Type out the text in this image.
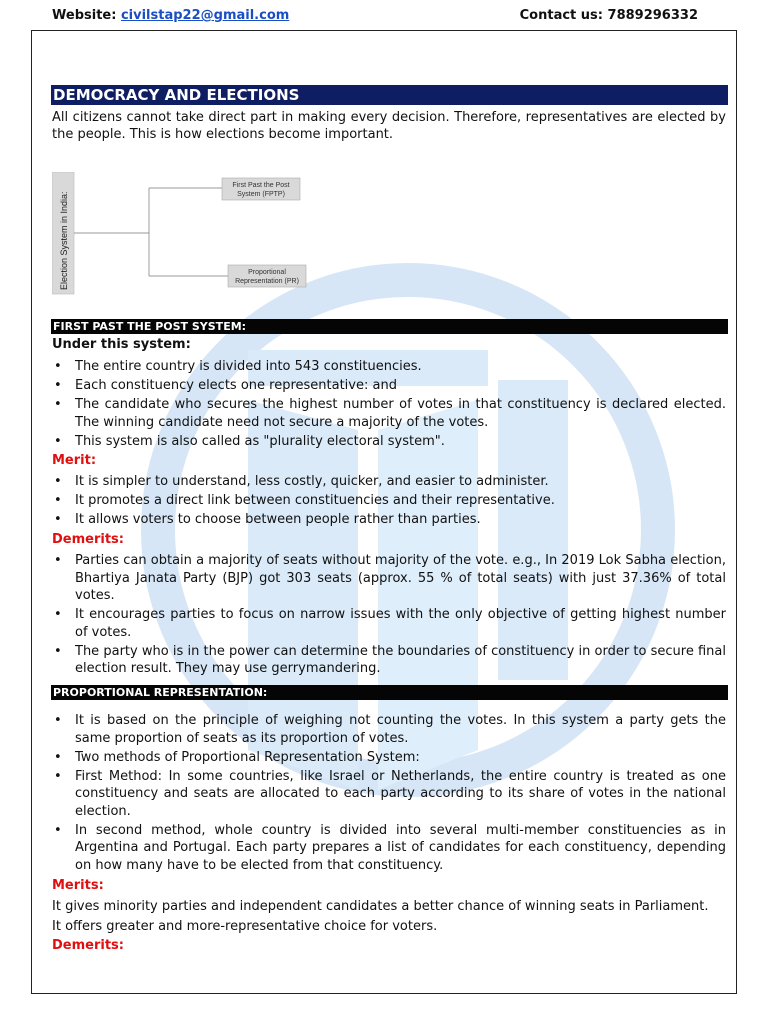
Website: civilstap22@gmail.com	Contact us: 7889296332
DEMOCRACY AND ELECTIONS
All citizens cannot take direct part in making every decision. Therefore, representatives are elected by the people. This is how elections become important.
Election System in India:
First Past the Post
System (FPTP)
Proportional
Representation (PR)
FIRST PAST THE POST SYSTEM:
Under this system:
• The entire country is divided into 543 constituencies.
• Each constituency elects one representative: and
• The candidate who secures the highest number of votes in that constituency is declared elected. The winning candidate need not secure a majority of the votes.
• This system is also called as "plurality electoral system".
Merit:
• It is simpler to understand, less costly, quicker, and easier to administer.
• It promotes a direct link between constituencies and their representative.
• It allows voters to choose between people rather than parties.
Demerits:
• Parties can obtain a majority of seats without majority of the vote. e.g., In 2019 Lok Sabha election, Bhartiya Janata Party (BJP) got 303 seats (approx. 55 % of total seats) with just 37.36% of total votes.
• It encourages parties to focus on narrow issues with the only objective of getting highest number of votes.
• The party who is in the power can determine the boundaries of constituency in order to secure final election result. They may use gerrymandering.
PROPORTIONAL REPRESENTATION:
• It is based on the principle of weighing not counting the votes. In this system a party gets the same proportion of seats as its proportion of votes.
• Two methods of Proportional Representation System:
• First Method: In some countries, like Israel or Netherlands, the entire country is treated as one constituency and seats are allocated to each party according to its share of votes in the national election.
• In second method, whole country is divided into several multi-member constituencies as in Argentina and Portugal. Each party prepares a list of candidates for each constituency, depending on how many have to be elected from that constituency.
Merits:
It gives minority parties and independent candidates a better chance of winning seats in Parliament.
It offers greater and more-representative choice for voters.
Demerits:
